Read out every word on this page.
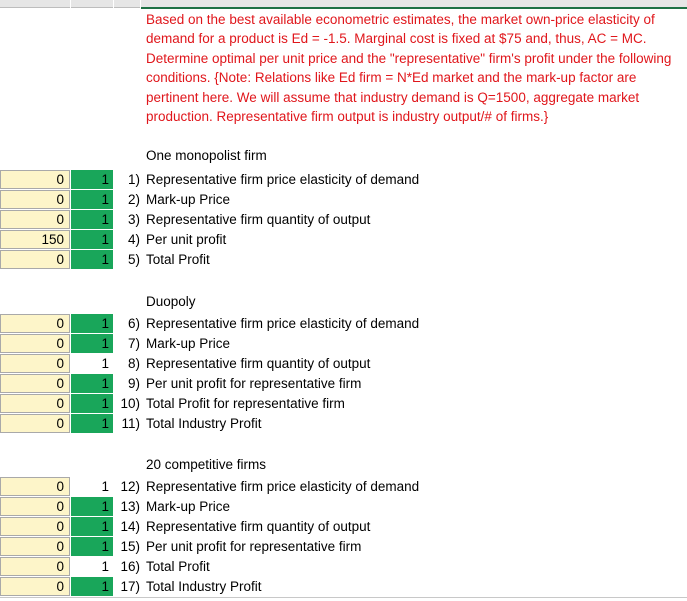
Based on the best available econometric estimates, the market own-price elasticity of demand for a product is Ed = -1.5. Marginal cost is fixed at $75 and, thus, AC = MC. Determine optimal per unit price and the "representative" firm's profit under the following conditions. {Note: Relations like Ed firm = N*Ed market and the mark-up factor are pertinent here. We will assume that industry demand is Q=1500, aggregate market production. Representative firm output is industry output/# of firms.}
One monopolist firm
0	1	1) Representative firm price elasticity of demand
0	1	2) Mark-up Price
0	1	3) Representative firm quantity of output
150	1	4) Per unit profit
0	1	5) Total Profit
Duopoly
0	1	6) Representative firm price elasticity of demand
0	1	7) Mark-up Price
0	1	8) Representative firm quantity of output
0	1	9) Per unit profit for representative firm
0	1 10) Total Profit for representative firm
0	1 11) Total Industry Profit
20 competitive firms
0	1 12) Representative firm price elasticity of demand
0	1 13) Mark-up Price
0	1 14) Representative firm quantity of output
0	1 15) Per unit profit for representative firm
0	1 16) Total Profit
0	1 17) Total Industry Profit
